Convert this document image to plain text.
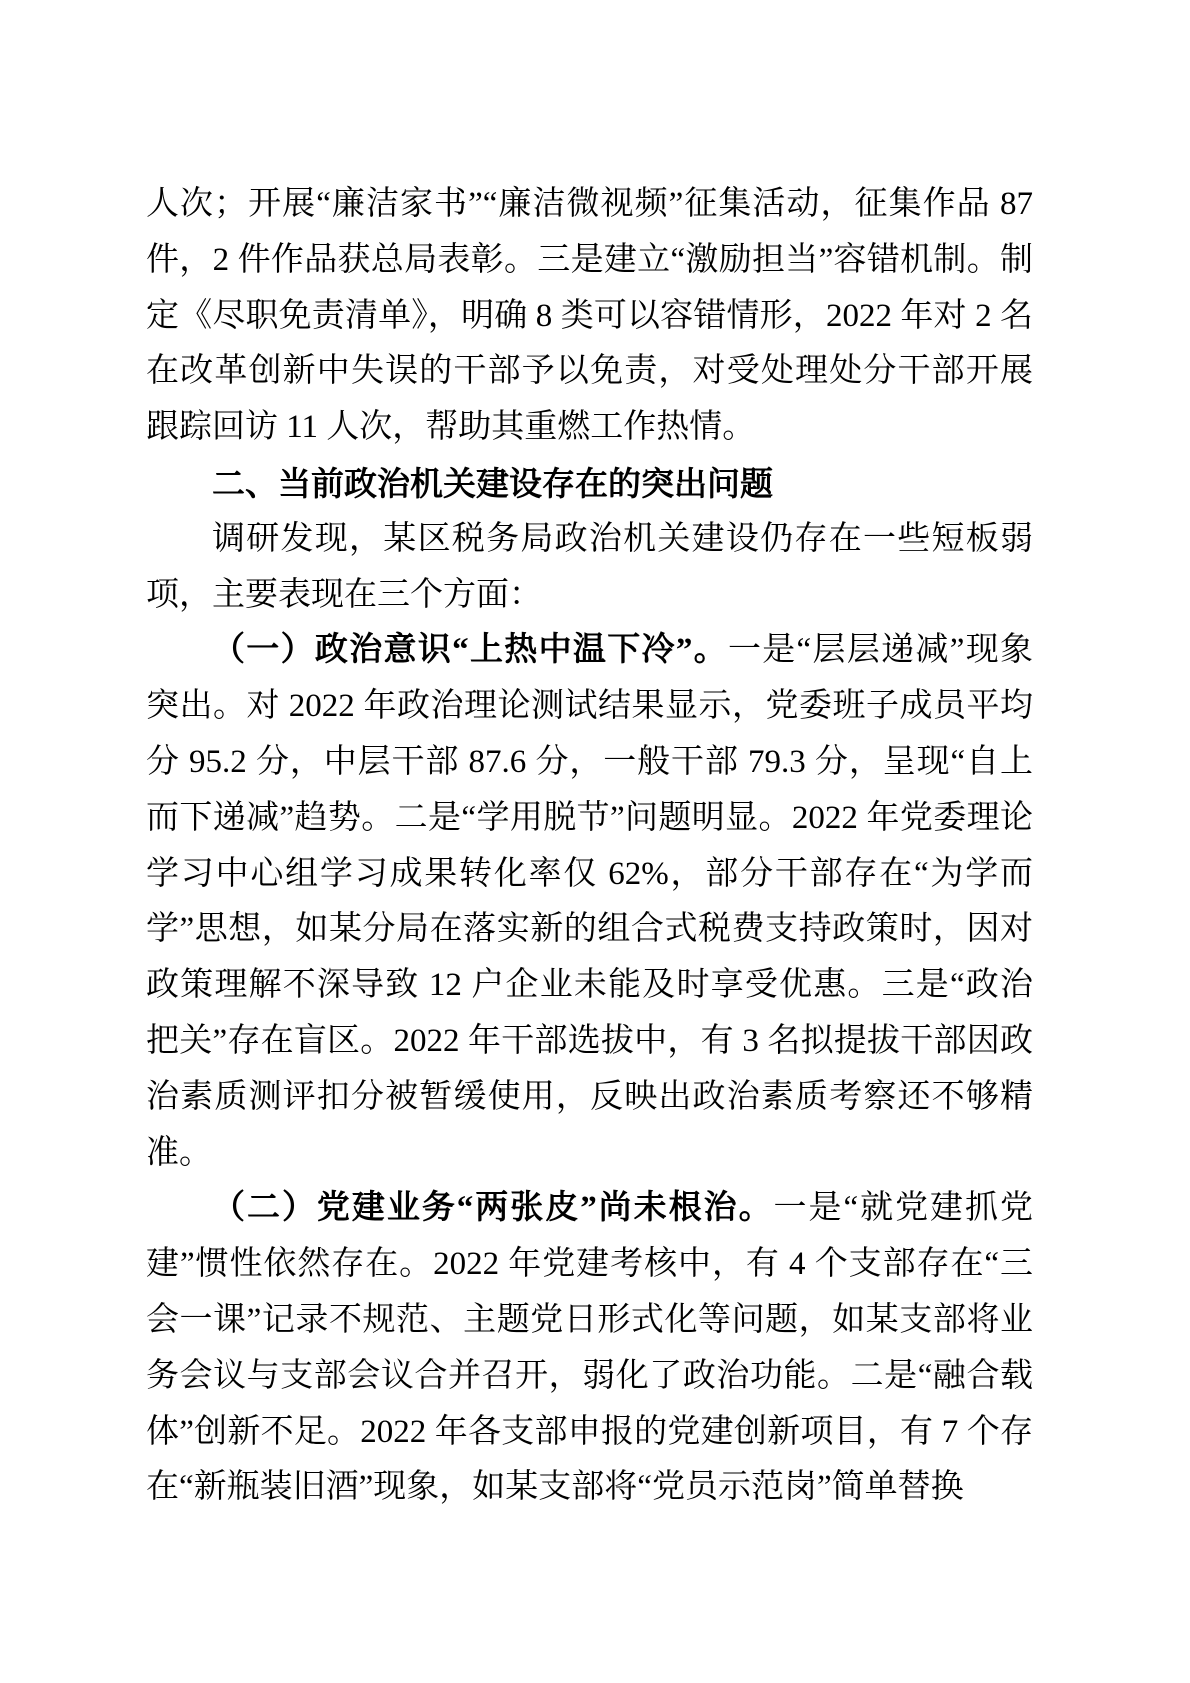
人次；开展“廉洁家书”“廉洁微视频”征集活动，征集作品 87 件，2 件作品获总局表彰。三是建立“激励担当”容错机制。制定《尽职免责清单》，明确 8 类可以容错情形，2022 年对 2 名在改革创新中失误的干部予以免责，对受处理处分干部开展跟踪回访 11 人次，帮助其重燃工作热情。

二、当前政治机关建设存在的突出问题

调研发现，某区税务局政治机关建设仍存在一些短板弱项，主要表现在三个方面：

（一）政治意识“上热中温下冷”。一是“层层递减”现象突出。对 2022 年政治理论测试结果显示，党委班子成员平均分 95.2 分，中层干部 87.6 分，一般干部 79.3 分，呈现“自上而下递减”趋势。二是“学用脱节”问题明显。2022 年党委理论学习中心组学习成果转化率仅 62%，部分干部存在“为学而学”思想，如某分局在落实新的组合式税费支持政策时，因对政策理解不深导致 12 户企业未能及时享受优惠。三是“政治把关”存在盲区。2022 年干部选拔中，有 3 名拟提拔干部因政治素质测评扣分被暂缓使用，反映出政治素质考察还不够精准。

（二）党建业务“两张皮”尚未根治。一是“就党建抓党建”惯性依然存在。2022 年党建考核中，有 4 个支部存在“三会一课”记录不规范、主题党日形式化等问题，如某支部将业务会议与支部会议合并召开，弱化了政治功能。二是“融合载体”创新不足。2022 年各支部申报的党建创新项目，有 7 个存在“新瓶装旧酒”现象，如某支部将“党员示范岗”简单替换
